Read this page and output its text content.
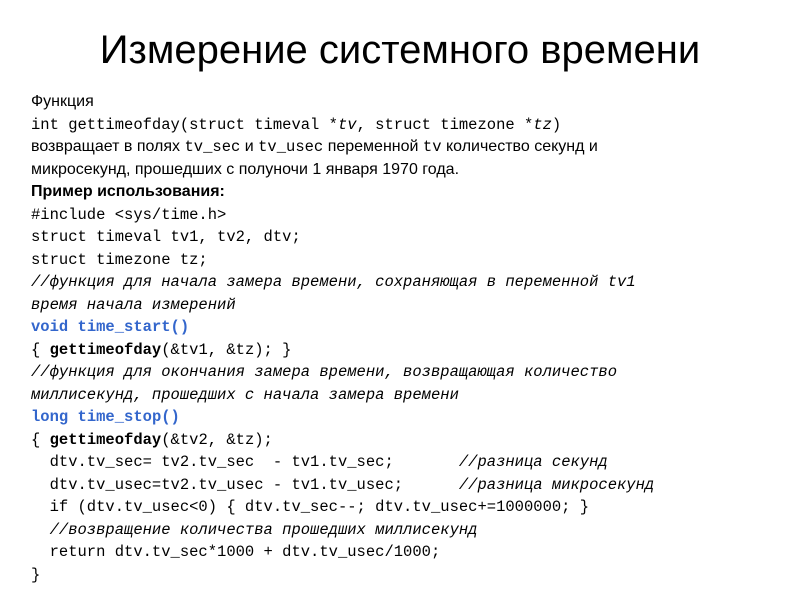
Измерение системного времени
Функция
int gettimeofday(struct timeval *tv, struct timezone *tz)
возвращает в полях tv_sec и tv_usec переменной tv количество секунд и
микросекунд, прошедших с полуночи 1 января 1970 года.
Пример использования:
#include <sys/time.h>
struct timeval tv1, tv2, dtv;
struct timezone tz;
//функция для начала замера времени, сохраняющая в переменной tv1
время начала измерений
void time_start()
{ gettimeofday(&tv1, &tz); }
//функция для окончания замера времени, возвращающая количество
миллисекунд, прошедших с начала замера времени
long time_stop()
{ gettimeofday(&tv2, &tz);
dtv.tv_sec= tv2.tv_sec  - tv1.tv_sec;       //разница секунд
dtv.tv_usec=tv2.tv_usec - tv1.tv_usec;      //разница микросекунд
if (dtv.tv_usec<0) { dtv.tv_sec--; dtv.tv_usec+=1000000; }
//возвращение количества прошедших миллисекунд
return dtv.tv_sec*1000 + dtv.tv_usec/1000;
}
